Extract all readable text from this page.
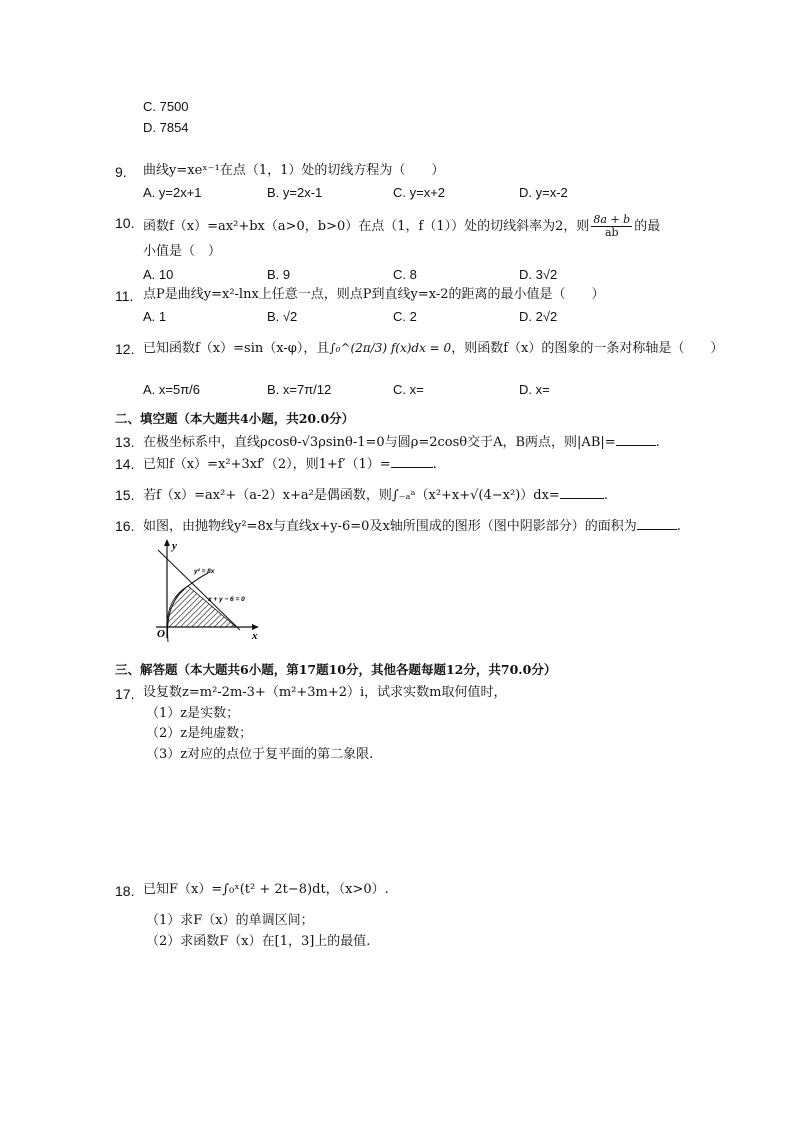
C. 7500
D. 7854
9. 曲线y=xeˣ⁻¹在点（1，1）处的切线方程为（　　）
A. y=2x+1	B. y=2x-1	C. y=x+2	D. y=x-2
10. 函数f（x）=ax²+bx（a>0，b>0）在点（1，f（1））处的切线斜率为2，则 $\frac{8a + b}{ab}$ 的最
小值是（　）
A. 10	B. 9	C. 8	D. 3√2
11. 点P是曲线y=x²-lnx上任意一点，则点P到直线y=x-2的距离的最小值是（　　）
A. 1	B. √2	C. 2	D. 2√2
12. 已知函数f（x）=sin（x-φ），且∫₀^(2π/3) f(x)dx = 0，则函数f（x）的图象的一条对称轴是（　　）
A. x=5π/6	B. x=7π/12	C. x=	D. x=
二、填空题（本大题共4小题，共20.0分）
13. 在极坐标系中，直线ρcosθ-√3ρsinθ-1=0与圆ρ=2cosθ交于A，B两点，则|AB|=	.
14. 已知f（x）=x²+3xf′（2），则1+f′（1）=	.
15. 若f（x）=ax²+（a-2）x+a²是偶函数，则∫₋ₐᵃ（x²+x+√(4−x²)）dx=	.
16. 如图，由抛物线y²=8x与直线x+y-6=0及x轴所围成的图形（图中阴影部分）的面积为	.
y
x
O
y² = 8x
x + y − 6 = 0
三、解答题（本大题共6小题，第17题10分，其他各题每题12分，共70.0分）
17. 设复数z=m²-2m-3+（m²+3m+2）i，试求实数m取何值时，
（1）z是实数；
（2）z是纯虚数；
（3）z对应的点位于复平面的第二象限.
18. 已知F（x）=∫₀ˣ(t² + 2t−8)dt，（x>0）.
（1）求F（x）的单调区间；
（2）求函数F（x）在[1，3]上的最值.
